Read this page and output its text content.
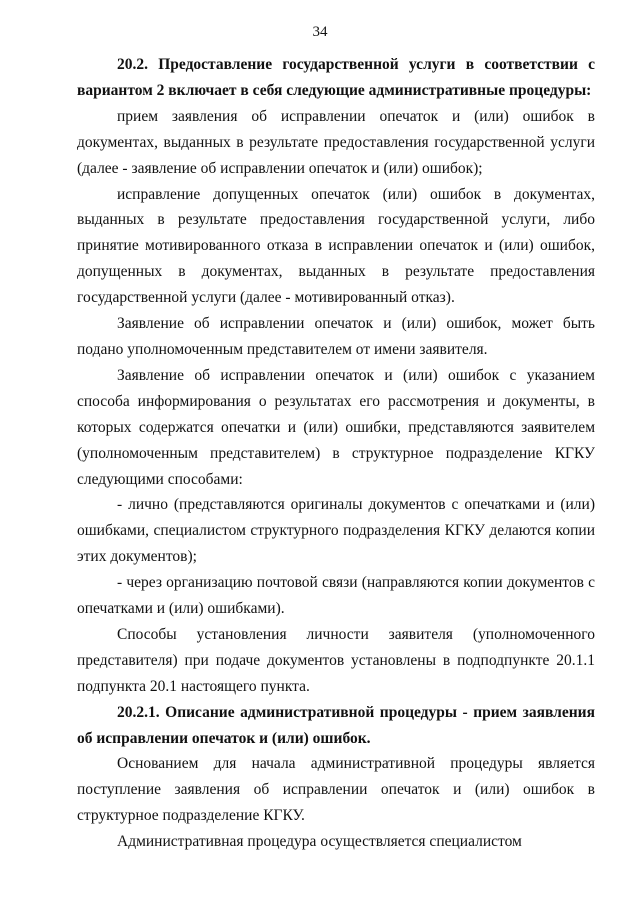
34

20.2. Предоставление государственной услуги в соответствии с вариантом 2 включает в себя следующие административные процедуры:

прием заявления об исправлении опечаток и (или) ошибок в документах, выданных в результате предоставления государственной услуги (далее - заявление об исправлении опечаток и (или) ошибок);

исправление допущенных опечаток (или) ошибок в документах, выданных в результате предоставления государственной услуги, либо принятие мотивированного отказа в исправлении опечаток и (или) ошибок, допущенных в документах, выданных в результате предоставления государственной услуги (далее - мотивированный отказ).

Заявление об исправлении опечаток и (или) ошибок, может быть подано уполномоченным представителем от имени заявителя.

Заявление об исправлении опечаток и (или) ошибок с указанием способа информирования о результатах его рассмотрения и документы, в которых содержатся опечатки и (или) ошибки, представляются заявителем (уполномоченным представителем) в структурное подразделение КГКУ следующими способами:

- лично (представляются оригиналы документов с опечатками и (или) ошибками, специалистом структурного подразделения КГКУ делаются копии этих документов);

- через организацию почтовой связи (направляются копии документов с опечатками и (или) ошибками).

Способы установления личности заявителя (уполномоченного представителя) при подаче документов установлены в подподпункте 20.1.1 подпункта 20.1 настоящего пункта.

20.2.1. Описание административной процедуры - прием заявления об исправлении опечаток и (или) ошибок.

Основанием для начала административной процедуры является поступление заявления об исправлении опечаток и (или) ошибок в структурное подразделение КГКУ.

Административная процедура осуществляется специалистом
